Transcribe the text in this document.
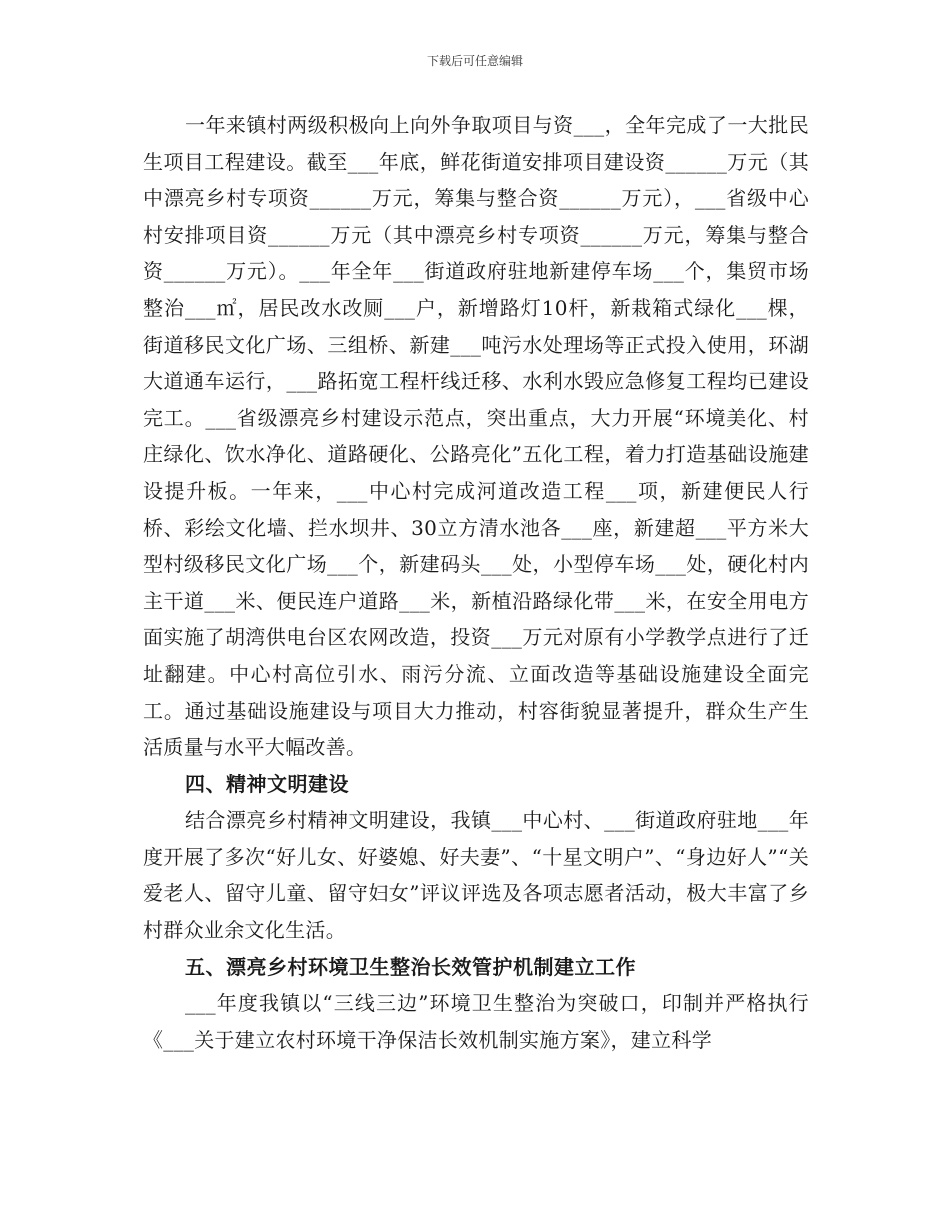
下载后可任意编辑

一年来镇村两级积极向上向外争取项目与资___，全年完成了一大批民生项目工程建设。截至___年底，鲜花街道安排项目建设资______万元（其中漂亮乡村专项资______万元，筹集与整合资______万元），___省级中心村安排项目资______万元（其中漂亮乡村专项资______万元，筹集与整合资______万元）。___年全年___街道政府驻地新建停车场___个，集贸市场整治___㎡，居民改水改厕___户，新增路灯10杆，新栽箱式绿化___棵，街道移民文化广场、三组桥、新建___吨污水处理场等正式投入使用，环湖大道通车运行，___路拓宽工程杆线迁移、水利水毁应急修复工程均已建设完工。___省级漂亮乡村建设示范点，突出重点，大力开展“环境美化、村庄绿化、饮水净化、道路硬化、公路亮化”五化工程，着力打造基础设施建设提升板。一年来，___中心村完成河道改造工程___项，新建便民人行桥、彩绘文化墙、拦水坝井、30立方清水池各___座，新建超___平方米大型村级移民文化广场___个，新建码头___处，小型停车场___处，硬化村内主干道___米、便民连户道路___米，新植沿路绿化带___米，在安全用电方面实施了胡湾供电台区农网改造，投资___万元对原有小学教学点进行了迁址翻建。中心村高位引水、雨污分流、立面改造等基础设施建设全面完工。通过基础设施建设与项目大力推动，村容街貌显著提升，群众生产生活质量与水平大幅改善。

四、精神文明建设

结合漂亮乡村精神文明建设，我镇___中心村、___街道政府驻地___年度开展了多次“好儿女、好婆媳、好夫妻”、“十星文明户”、“身边好人”“关爱老人、留守儿童、留守妇女”评议评选及各项志愿者活动，极大丰富了乡村群众业余文化生活。

五、漂亮乡村环境卫生整治长效管护机制建立工作

___年度我镇以“三线三边”环境卫生整治为突破口，印制并严格执行《___关于建立农村环境干净保洁长效机制实施方案》，建立科学
